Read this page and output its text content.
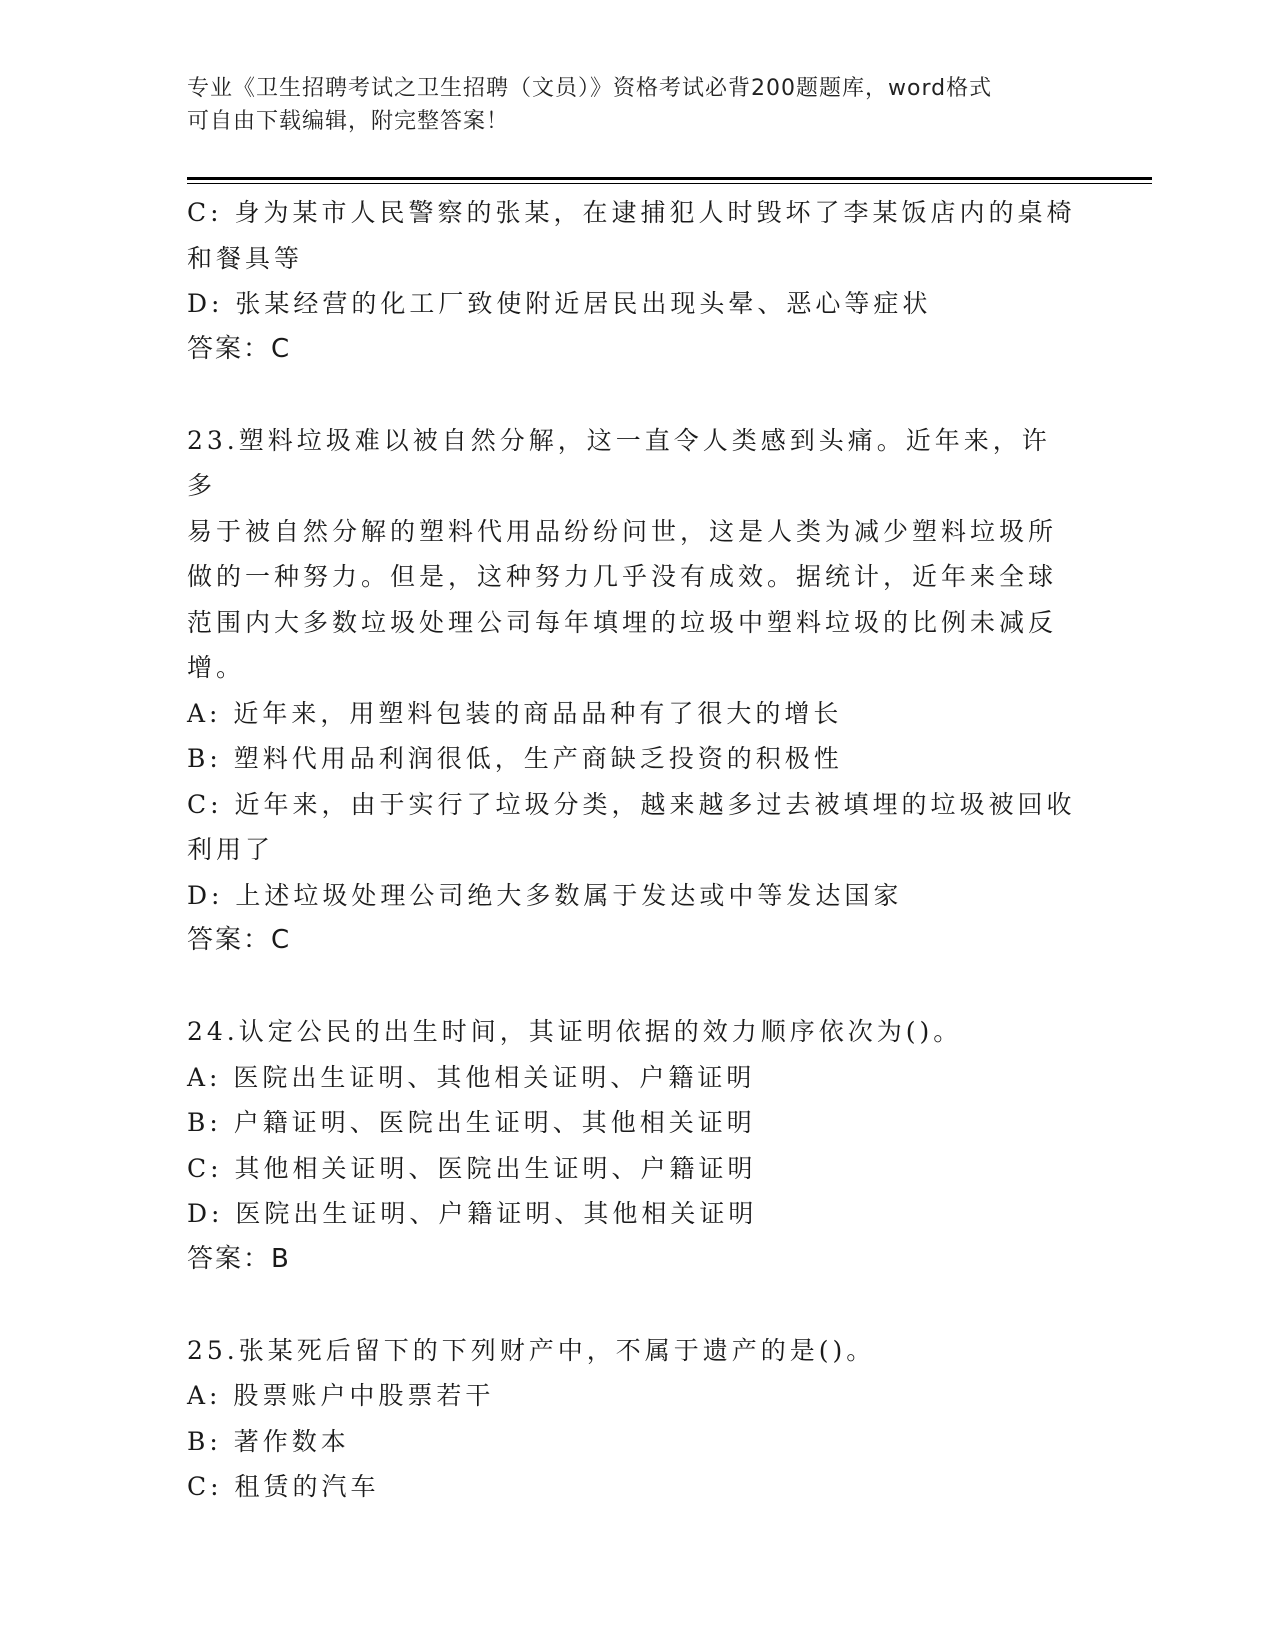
专业《卫生招聘考试之卫生招聘（文员）》资格考试必背200题题库，word格式
可自由下载编辑，附完整答案！
C: 身为某市人民警察的张某，在逮捕犯人时毁坏了李某饭店内的桌椅
和餐具等
D: 张某经营的化工厂致使附近居民出现头晕、恶心等症状
答案：C
23.塑料垃圾难以被自然分解，这一直令人类感到头痛。近年来，许多
易于被自然分解的塑料代用品纷纷问世，这是人类为减少塑料垃圾所
做的一种努力。但是，这种努力几乎没有成效。据统计，近年来全球
范围内大多数垃圾处理公司每年填埋的垃圾中塑料垃圾的比例未减反
增。
A: 近年来，用塑料包装的商品品种有了很大的增长
B: 塑料代用品利润很低，生产商缺乏投资的积极性
C: 近年来，由于实行了垃圾分类，越来越多过去被填埋的垃圾被回收
利用了
D: 上述垃圾处理公司绝大多数属于发达或中等发达国家
答案：C
24.认定公民的出生时间，其证明依据的效力顺序依次为()。
A: 医院出生证明、其他相关证明、户籍证明
B: 户籍证明、医院出生证明、其他相关证明
C: 其他相关证明、医院出生证明、户籍证明
D: 医院出生证明、户籍证明、其他相关证明
答案：B
25.张某死后留下的下列财产中，不属于遗产的是()。
A: 股票账户中股票若干
B: 著作数本
C: 租赁的汽车
